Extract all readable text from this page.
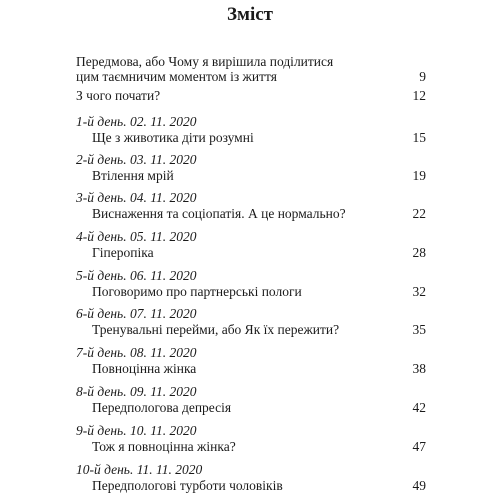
Зміст
Передмова, або Чому я вирішила поділитися
цим таємничим моментом із життя	9
З чого почати?	12
1-й день. 02. 11. 2020
Ще з животика діти розумні	15
2-й день. 03. 11. 2020
Втілення мрій	19
3-й день. 04. 11. 2020
Виснаження та соціопатія. А це нормально?	22
4-й день. 05. 11. 2020
Гіперопіка	28
5-й день. 06. 11. 2020
Поговоримо про партнерські пологи	32
6-й день. 07. 11. 2020
Тренувальні перейми, або Як їх пережити?	35
7-й день. 08. 11. 2020
Повноцінна жінка	38
8-й день. 09. 11. 2020
Передпологова депресія	42
9-й день. 10. 11. 2020
Тож я повноцінна жінка?	47
10-й день. 11. 11. 2020
Передпологові турботи чоловіків	49
